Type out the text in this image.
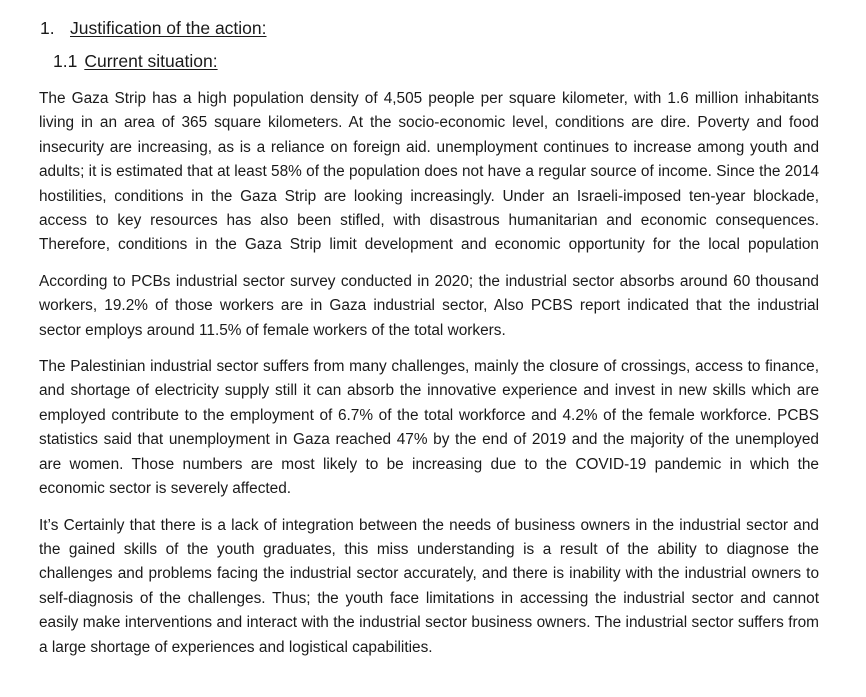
1. Justification of the action:
1.1 Current situation:

The Gaza Strip has a high population density of 4,505 people per square kilometer, with 1.6 million inhabitants living in an area of 365 square kilometers. At the socio-economic level, conditions are dire. Poverty and food insecurity are increasing, as is a reliance on foreign aid. unemployment continues to increase among youth and adults; it is estimated that at least 58% of the population does not have a regular source of income. Since the 2014 hostilities, conditions in the Gaza Strip are looking increasingly. Under an Israeli-imposed ten-year blockade, access to key resources has also been stifled, with disastrous humanitarian and economic consequences. Therefore, conditions in the Gaza Strip limit development and economic opportunity for the local population

According to PCBs industrial sector survey conducted in 2020; the industrial sector absorbs around 60 thousand workers, 19.2% of those workers are in Gaza industrial sector, Also PCBS report indicated that the industrial sector employs around 11.5% of female workers of the total workers.

The Palestinian industrial sector suffers from many challenges, mainly the closure of crossings, access to finance, and shortage of electricity supply still it can absorb the innovative experience and invest in new skills which are employed contribute to the employment of 6.7% of the total workforce and 4.2% of the female workforce. PCBS statistics said that unemployment in Gaza reached 47% by the end of 2019 and the majority of the unemployed are women. Those numbers are most likely to be increasing due to the COVID-19 pandemic in which the economic sector is severely affected.

It’s Certainly that there is a lack of integration between the needs of business owners in the industrial sector and the gained skills of the youth graduates, this miss understanding is a result of the ability to diagnose the challenges and problems facing the industrial sector accurately, and there is inability with the industrial owners to self-diagnosis of the challenges. Thus; the youth face limitations in accessing the industrial sector and cannot easily make interventions and interact with the industrial sector business owners. The industrial sector suffers from a large shortage of experiences and logistical capabilities.
